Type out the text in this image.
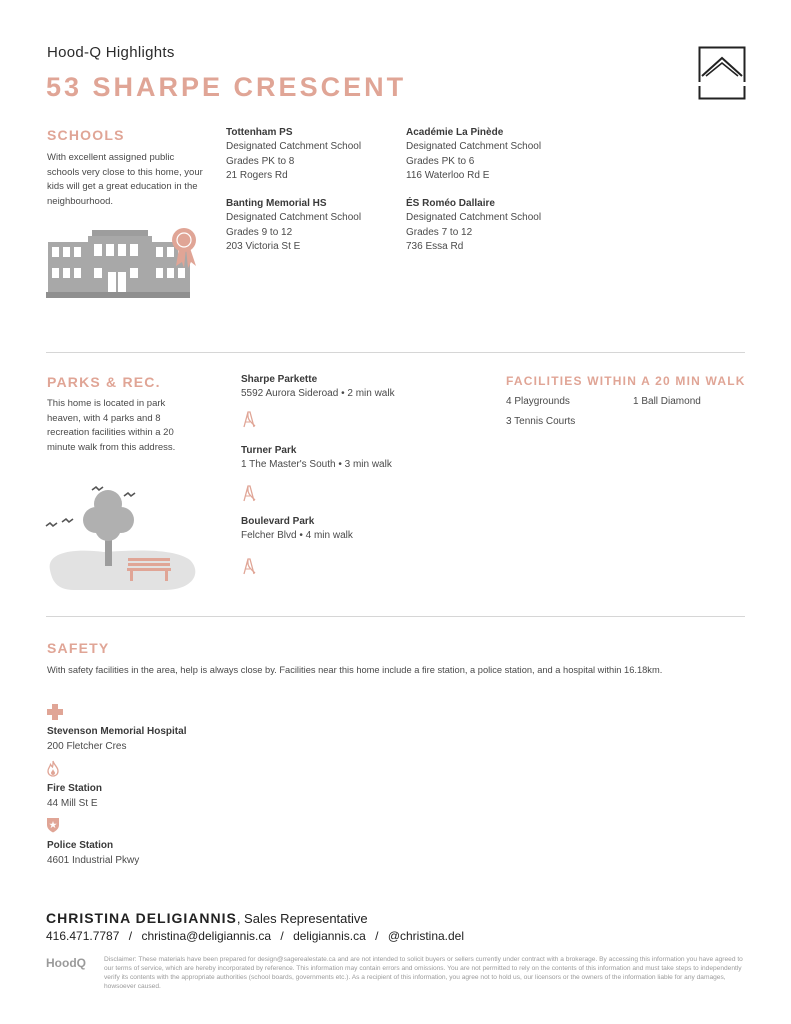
Hood-Q Highlights
53 SHARPE CRESCENT
SCHOOLS
With excellent assigned public schools very close to this home, your kids will get a great education in the neighbourhood.
Tottenham PS
Designated Catchment School
Grades PK to 8
21 Rogers Rd
Académie La Pinède
Designated Catchment School
Grades PK to 6
116 Waterloo Rd E
Banting Memorial HS
Designated Catchment School
Grades 9 to 12
203 Victoria St E
ÉS Roméo Dallaire
Designated Catchment School
Grades 7 to 12
736 Essa Rd
PARKS & REC.
This home is located in park heaven, with 4 parks and 8 recreation facilities within a 20 minute walk from this address.
Sharpe Parkette
5592 Aurora Sideroad • 2 min walk
Turner Park
1 The Master's South • 3 min walk
Boulevard Park
Felcher Blvd • 4 min walk
FACILITIES WITHIN A 20 MIN WALK
4 Playgrounds	1 Ball Diamond
3 Tennis Courts
SAFETY
With safety facilities in the area, help is always close by. Facilities near this home include a fire station, a police station, and a hospital within 16.18km.
Stevenson Memorial Hospital
200 Fletcher Cres
Fire Station
44 Mill St E
Police Station
4601 Industrial Pkwy
CHRISTINA DELIGIANNIS, Sales Representative
416.471.7787 / christina@deligiannis.ca / deligiannis.ca / @christina.del
HoodQ	Disclaimer: These materials have been prepared for design@sagerealestate.ca and are not intended to solicit buyers or sellers currently under contract with a brokerage. By accessing this information you have agreed to our terms of service, which are hereby incorporated by reference. This information may contain errors and omissions. You are not permitted to rely on the contents of this information and must take steps to independently verify its contents with the appropriate authorities (school boards, governments etc.). As a recipient of this information, you agree not to hold us, our licensors or the owners of the information liable for any damages, howsoever caused.
